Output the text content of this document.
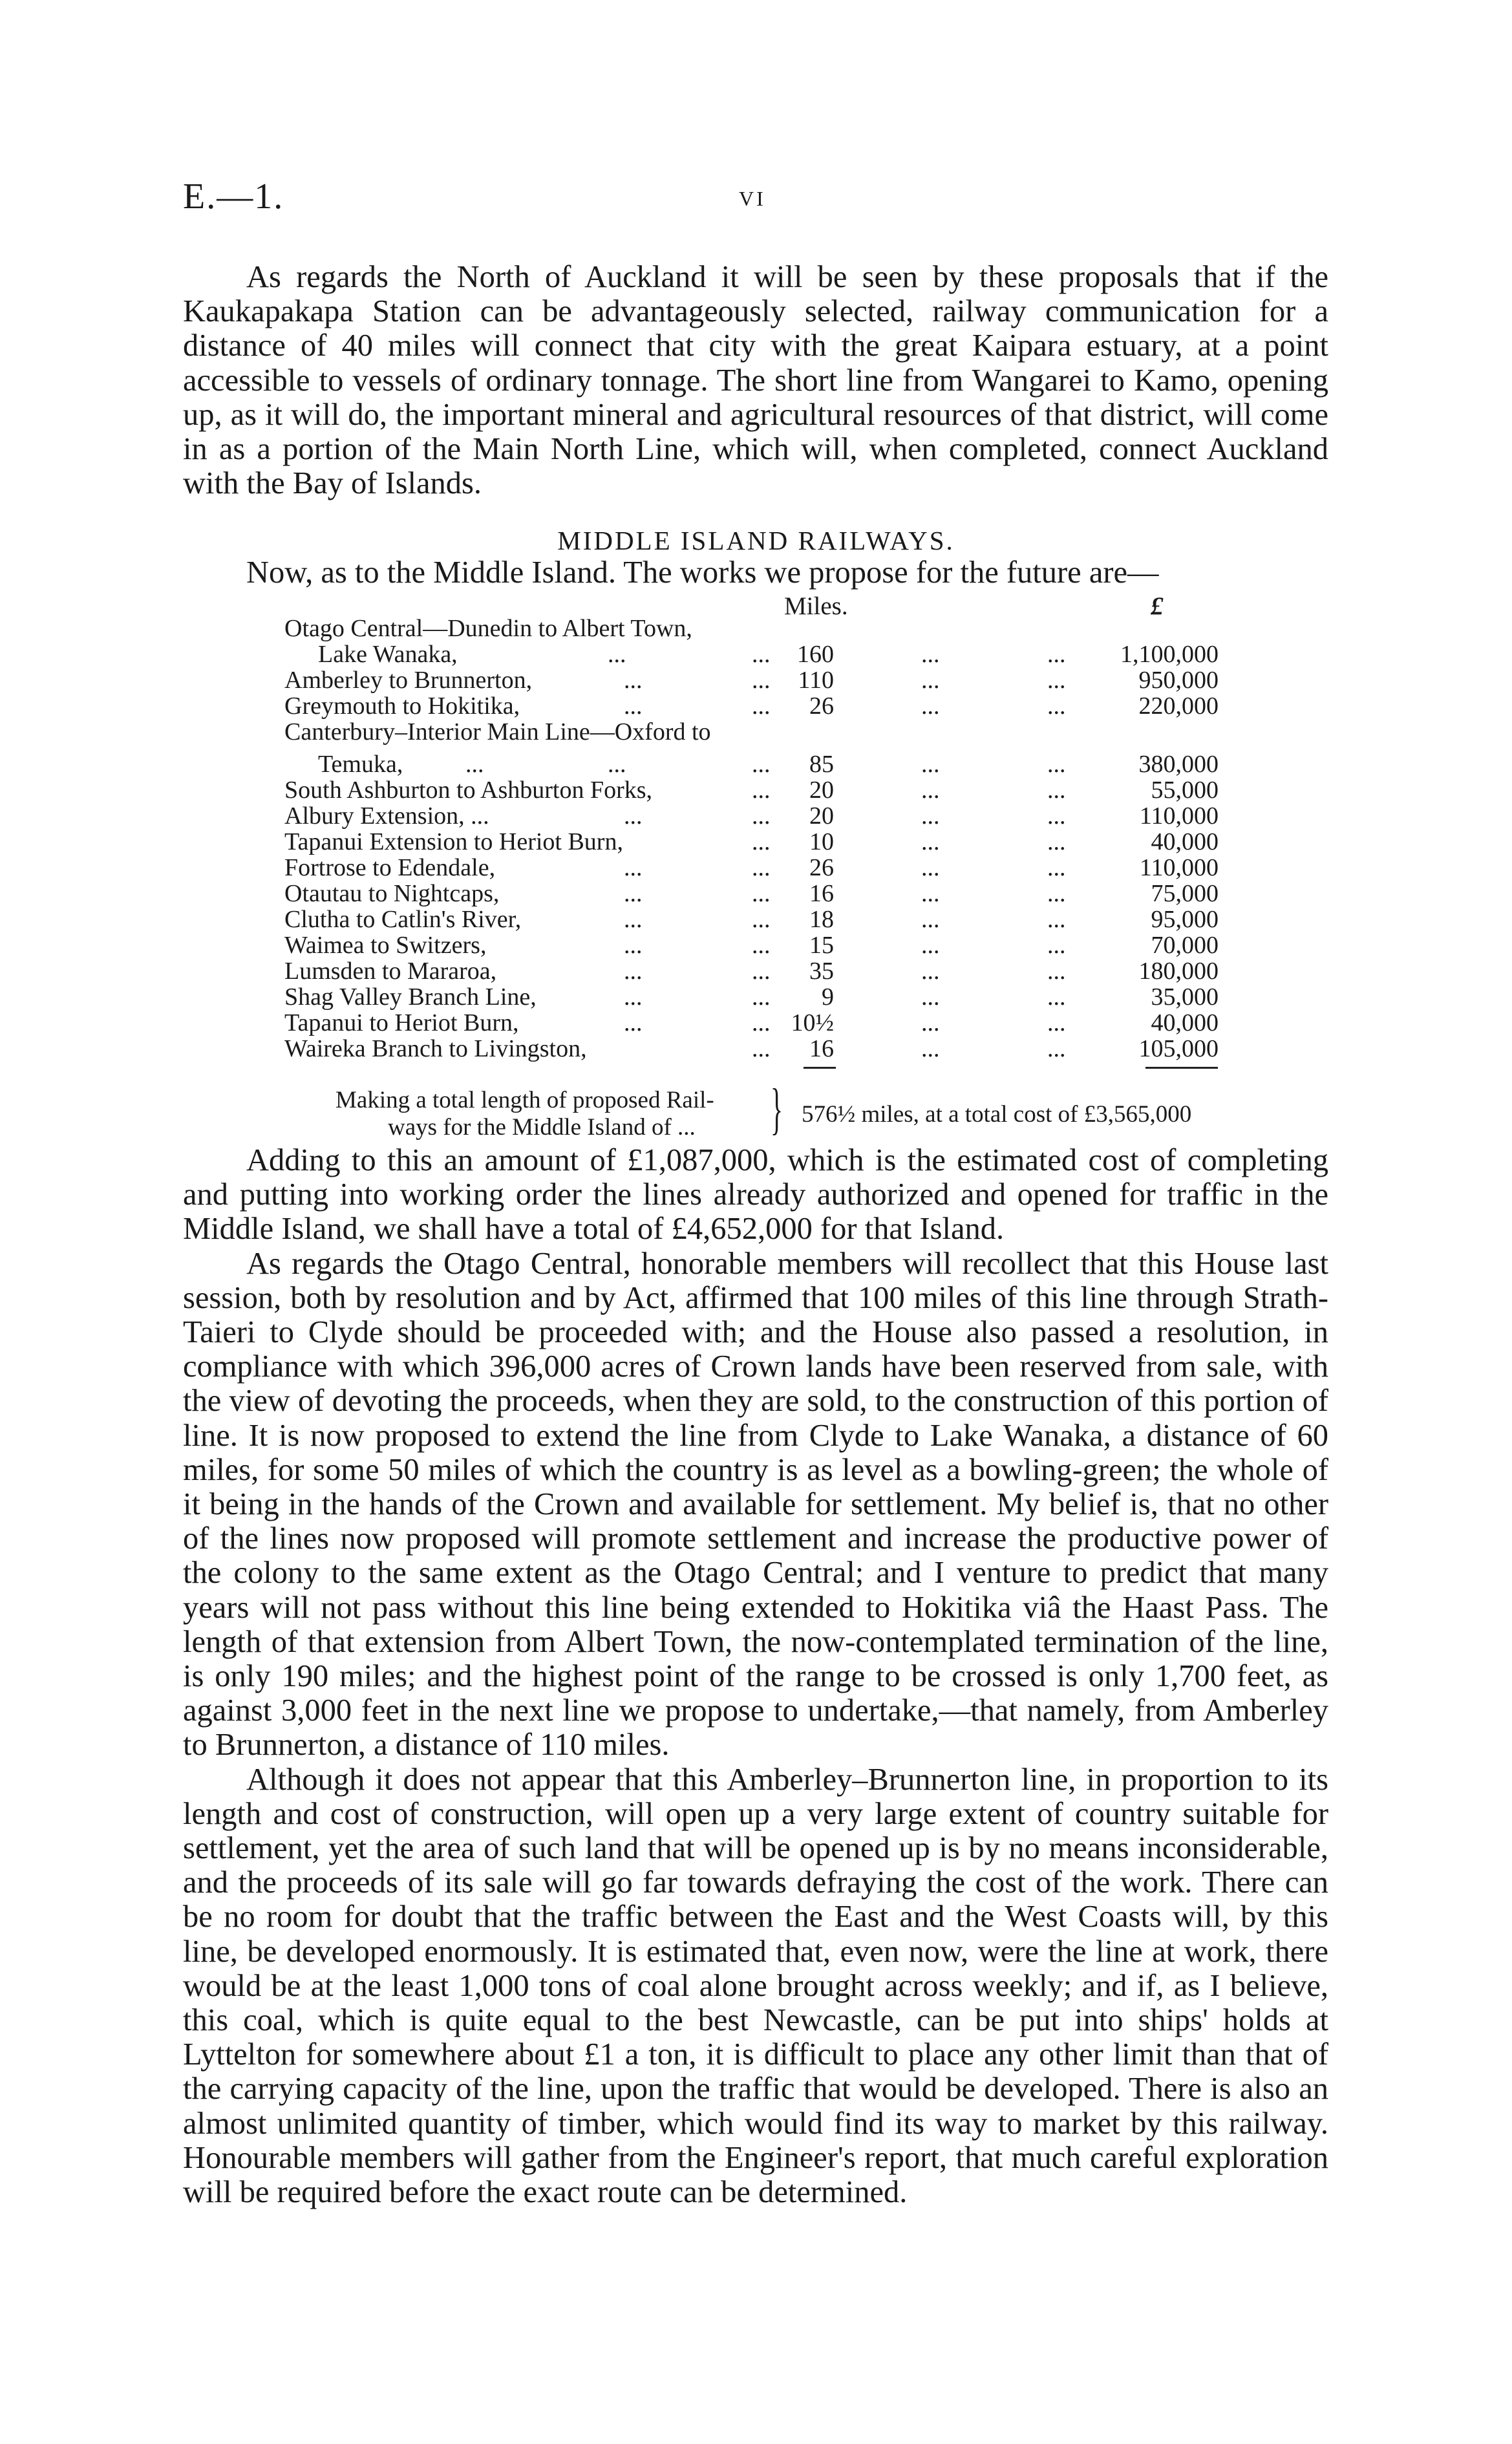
E.—1.	vi

As regards the North of Auckland it will be seen by these proposals that if the Kaukapakapa Station can be advantageously selected, railway communication for a distance of 40 miles will connect that city with the great Kaipara estuary, at a point accessible to vessels of ordinary tonnage. The short line from Wangarei to Kamo, opening up, as it will do, the important mineral and agricultural resources of that district, will come in as a portion of the Main North Line, which will, when completed, connect Auckland with the Bay of Islands.

MIDDLE ISLAND RAILWAYS.
Now, as to the Middle Island. The works we propose for the future are—
Miles.	£
Otago Central—Dunedin to Albert Town,
Lake Wanaka,	...	...	160	...	...	1,100,000
Amberley to Brunnerton,	...	...	110	...	...	950,000
Greymouth to Hokitika,	...	...	26	...	...	220,000
Canterbury–Interior Main Line—Oxford to
Temuka,	...	...	...	85	...	...	380,000
South Ashburton to Ashburton Forks,	...	20	...	...	55,000
Albury Extension, ...	...	...	20	...	...	110,000
Tapanui Extension to Heriot Burn,	...	10	...	...	40,000
Fortrose to Edendale,	...	...	26	...	...	110,000
Otautau to Nightcaps,	...	...	16	...	...	75,000
Clutha to Catlin's River,	...	...	18	...	...	95,000
Waimea to Switzers,	...	...	15	...	...	70,000
Lumsden to Mararoa,	...	...	35	...	...	180,000
Shag Valley Branch Line,	...	...	9	...	...	35,000
Tapanui to Heriot Burn,	...	... 10½	...	...	40,000
Waireka Branch to Livingston,	...	16	...	...	105,000
Making a total length of proposed Rail-
ways for the Middle Island of ... } 576½ miles, at a total cost of £3,565,000

Adding to this an amount of £1,087,000, which is the estimated cost of completing and putting into working order the lines already authorized and opened for traffic in the Middle Island, we shall have a total of £4,652,000 for that Island.

As regards the Otago Central, honorable members will recollect that this House last session, both by resolution and by Act, affirmed that 100 miles of this line through Strath-Taieri to Clyde should be proceeded with; and the House also passed a resolution, in compliance with which 396,000 acres of Crown lands have been reserved from sale, with the view of devoting the proceeds, when they are sold, to the construction of this portion of line. It is now proposed to extend the line from Clyde to Lake Wanaka, a distance of 60 miles, for some 50 miles of which the country is as level as a bowling-green; the whole of it being in the hands of the Crown and available for settlement. My belief is, that no other of the lines now proposed will promote settlement and increase the productive power of the colony to the same extent as the Otago Central; and I venture to predict that many years will not pass without this line being extended to Hokitika viâ the Haast Pass. The length of that extension from Albert Town, the now-contemplated termination of the line, is only 190 miles; and the highest point of the range to be crossed is only 1,700 feet, as against 3,000 feet in the next line we propose to undertake,—that namely, from Amberley to Brunnerton, a distance of 110 miles.

Although it does not appear that this Amberley–Brunnerton line, in proportion to its length and cost of construction, will open up a very large extent of country suitable for settlement, yet the area of such land that will be opened up is by no means inconsiderable, and the proceeds of its sale will go far towards defraying the cost of the work. There can be no room for doubt that the traffic between the East and the West Coasts will, by this line, be developed enormously. It is estimated that, even now, were the line at work, there would be at the least 1,000 tons of coal alone brought across weekly; and if, as I believe, this coal, which is quite equal to the best Newcastle, can be put into ships' holds at Lyttelton for somewhere about £1 a ton, it is difficult to place any other limit than that of the carrying capacity of the line, upon the traffic that would be developed. There is also an almost unlimited quantity of timber, which would find its way to market by this railway. Honourable members will gather from the Engineer's report, that much careful exploration will be required before the exact route can be determined.
